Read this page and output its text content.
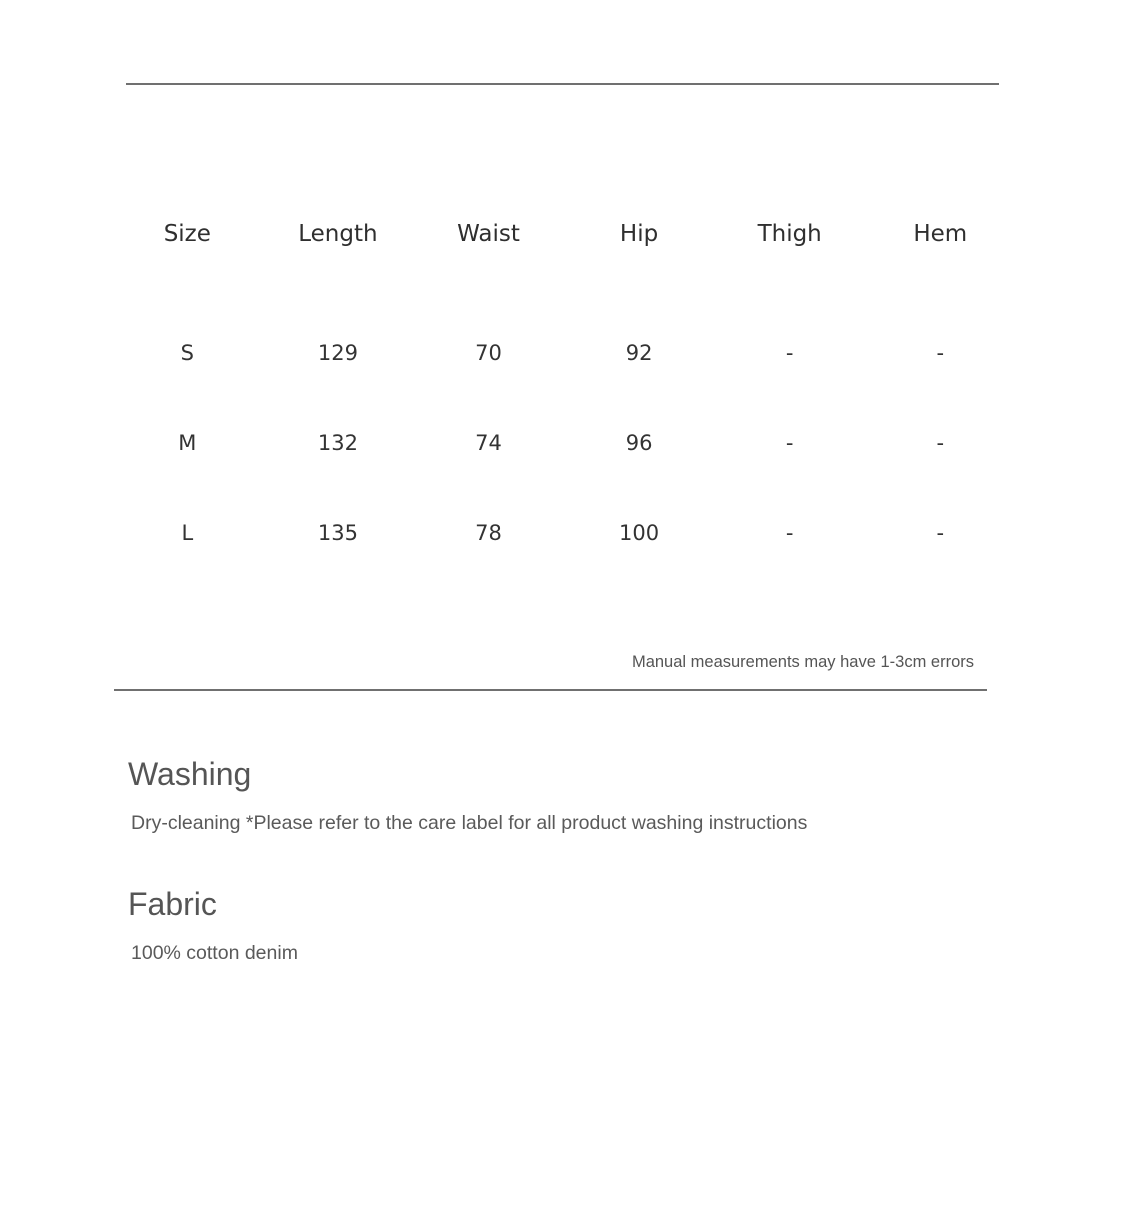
Size	Length	Waist	Hip	Thigh	Hem
S	129	70	92	-	-
M	132	74	96	-	-
L	135	78	100	-	-
Manual measurements may have 1-3cm errors
Washing
Dry-cleaning *Please refer to the care label for all product washing instructions
Fabric
100% cotton denim
